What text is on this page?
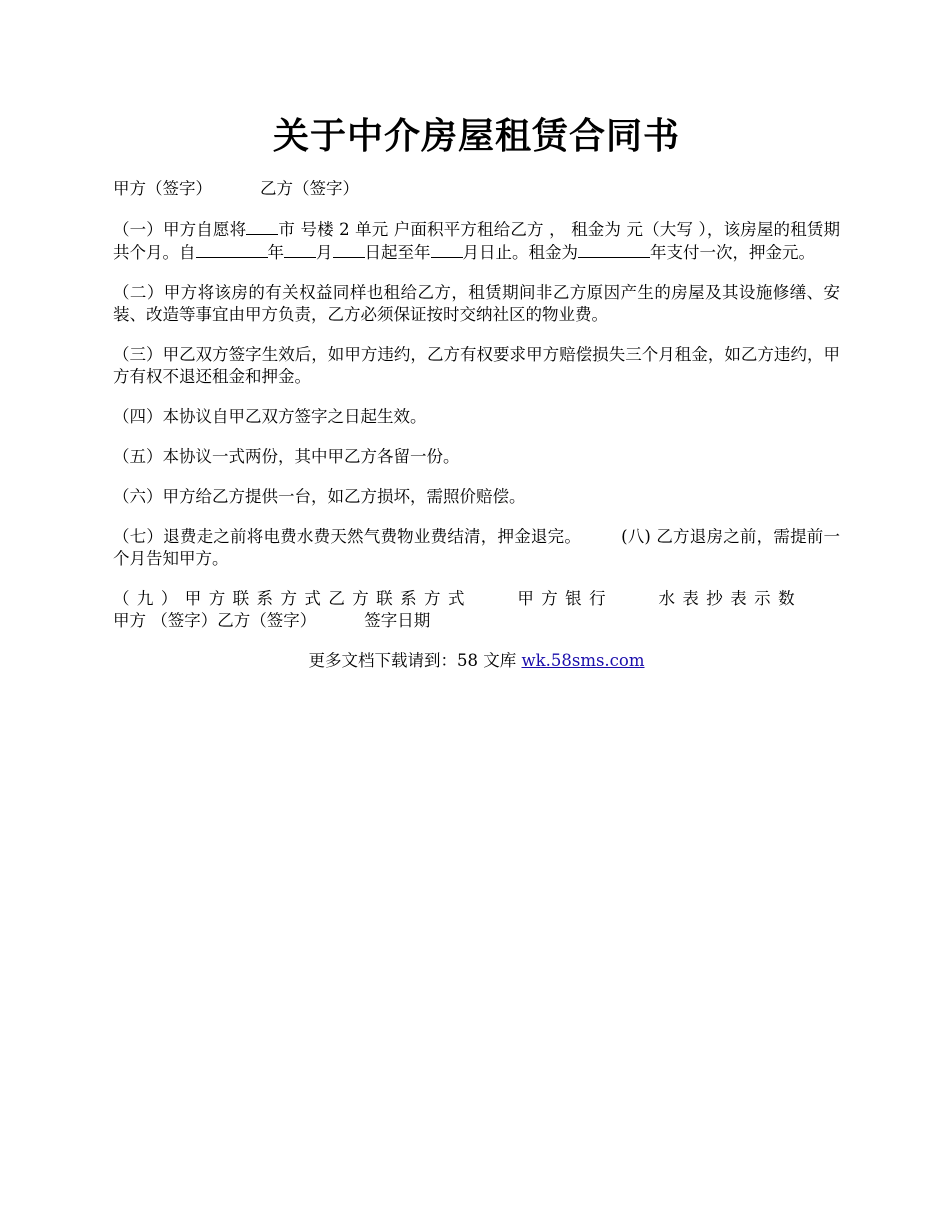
关于中介房屋租赁合同书

甲方（签字）	乙方（签字）

（一）甲方自愿将 市 号楼 2 单元 户面积平方租给乙方 ， 租金为 元（大写 ），该房屋的租赁期共个月。自	年 月 日起至年 月日止。租金为	年支付一次，押金元。

（二）甲方将该房的有关权益同样也租给乙方，租赁期间非乙方原因产生的房屋及其设施修缮、安装、改造等事宜由甲方负责，乙方必须保证按时交纳社区的物业费。

（三）甲乙双方签字生效后，如甲方违约，乙方有权要求甲方赔偿损失三个月租金，如乙方违约，甲方有权不退还租金和押金。

（四）本协议自甲乙双方签字之日起生效。

（五）本协议一式两份，其中甲乙方各留一份。

（六）甲方给乙方提供一台，如乙方损坏，需照价赔偿。

（七）退费走之前将电费水费天然气费物业费结清，押金退完。 (八) 乙方退房之前，需提前一个月告知甲方。

（九）甲方联系方式乙方联系方式 甲方银行 水表抄表示数甲方 （签字）乙方（签字）	签字日期

更多文档下载请到：58 文库 wk.58sms.com
